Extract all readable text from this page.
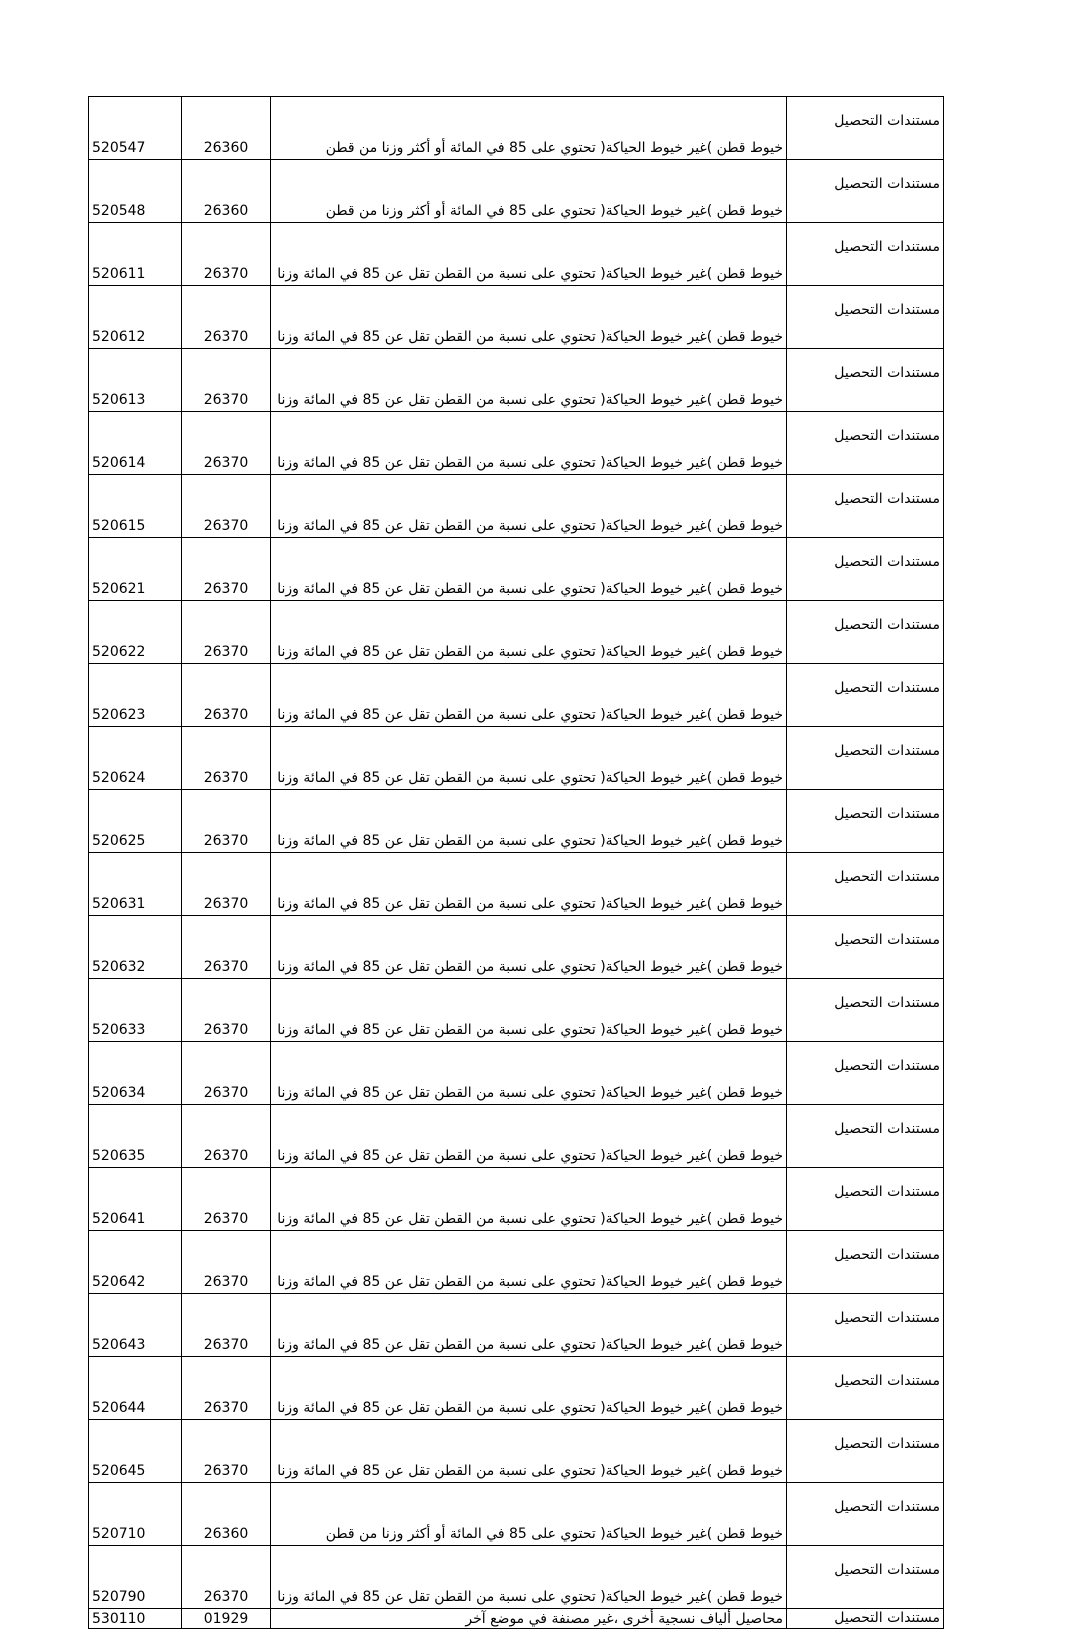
520547	26360	خيوط قطن )غير خيوط الحياكة( تحتوي على 85 في المائة أو أكثر وزنا من قطن	مستندات التحصيل
520548	26360	خيوط قطن )غير خيوط الحياكة( تحتوي على 85 في المائة أو أكثر وزنا من قطن	مستندات التحصيل
520611	26370	خيوط قطن )غير خيوط الحياكة( تحتوي على نسبة من القطن تقل عن 85 في المائة وزنا	مستندات التحصيل
520612	26370	خيوط قطن )غير خيوط الحياكة( تحتوي على نسبة من القطن تقل عن 85 في المائة وزنا	مستندات التحصيل
520613	26370	خيوط قطن )غير خيوط الحياكة( تحتوي على نسبة من القطن تقل عن 85 في المائة وزنا	مستندات التحصيل
520614	26370	خيوط قطن )غير خيوط الحياكة( تحتوي على نسبة من القطن تقل عن 85 في المائة وزنا	مستندات التحصيل
520615	26370	خيوط قطن )غير خيوط الحياكة( تحتوي على نسبة من القطن تقل عن 85 في المائة وزنا	مستندات التحصيل
520621	26370	خيوط قطن )غير خيوط الحياكة( تحتوي على نسبة من القطن تقل عن 85 في المائة وزنا	مستندات التحصيل
520622	26370	خيوط قطن )غير خيوط الحياكة( تحتوي على نسبة من القطن تقل عن 85 في المائة وزنا	مستندات التحصيل
520623	26370	خيوط قطن )غير خيوط الحياكة( تحتوي على نسبة من القطن تقل عن 85 في المائة وزنا	مستندات التحصيل
520624	26370	خيوط قطن )غير خيوط الحياكة( تحتوي على نسبة من القطن تقل عن 85 في المائة وزنا	مستندات التحصيل
520625	26370	خيوط قطن )غير خيوط الحياكة( تحتوي على نسبة من القطن تقل عن 85 في المائة وزنا	مستندات التحصيل
520631	26370	خيوط قطن )غير خيوط الحياكة( تحتوي على نسبة من القطن تقل عن 85 في المائة وزنا	مستندات التحصيل
520632	26370	خيوط قطن )غير خيوط الحياكة( تحتوي على نسبة من القطن تقل عن 85 في المائة وزنا	مستندات التحصيل
520633	26370	خيوط قطن )غير خيوط الحياكة( تحتوي على نسبة من القطن تقل عن 85 في المائة وزنا	مستندات التحصيل
520634	26370	خيوط قطن )غير خيوط الحياكة( تحتوي على نسبة من القطن تقل عن 85 في المائة وزنا	مستندات التحصيل
520635	26370	خيوط قطن )غير خيوط الحياكة( تحتوي على نسبة من القطن تقل عن 85 في المائة وزنا	مستندات التحصيل
520641	26370	خيوط قطن )غير خيوط الحياكة( تحتوي على نسبة من القطن تقل عن 85 في المائة وزنا	مستندات التحصيل
520642	26370	خيوط قطن )غير خيوط الحياكة( تحتوي على نسبة من القطن تقل عن 85 في المائة وزنا	مستندات التحصيل
520643	26370	خيوط قطن )غير خيوط الحياكة( تحتوي على نسبة من القطن تقل عن 85 في المائة وزنا	مستندات التحصيل
520644	26370	خيوط قطن )غير خيوط الحياكة( تحتوي على نسبة من القطن تقل عن 85 في المائة وزنا	مستندات التحصيل
520645	26370	خيوط قطن )غير خيوط الحياكة( تحتوي على نسبة من القطن تقل عن 85 في المائة وزنا	مستندات التحصيل
520710	26360	خيوط قطن )غير خيوط الحياكة( تحتوي على 85 في المائة أو أكثر وزنا من قطن	مستندات التحصيل
520790	26370	خيوط قطن )غير خيوط الحياكة( تحتوي على نسبة من القطن تقل عن 85 في المائة وزنا	مستندات التحصيل
530110	01929	محاصيل ألياف نسجية أخرى ،غير مصنفة في موضع آخر	مستندات التحصيل
